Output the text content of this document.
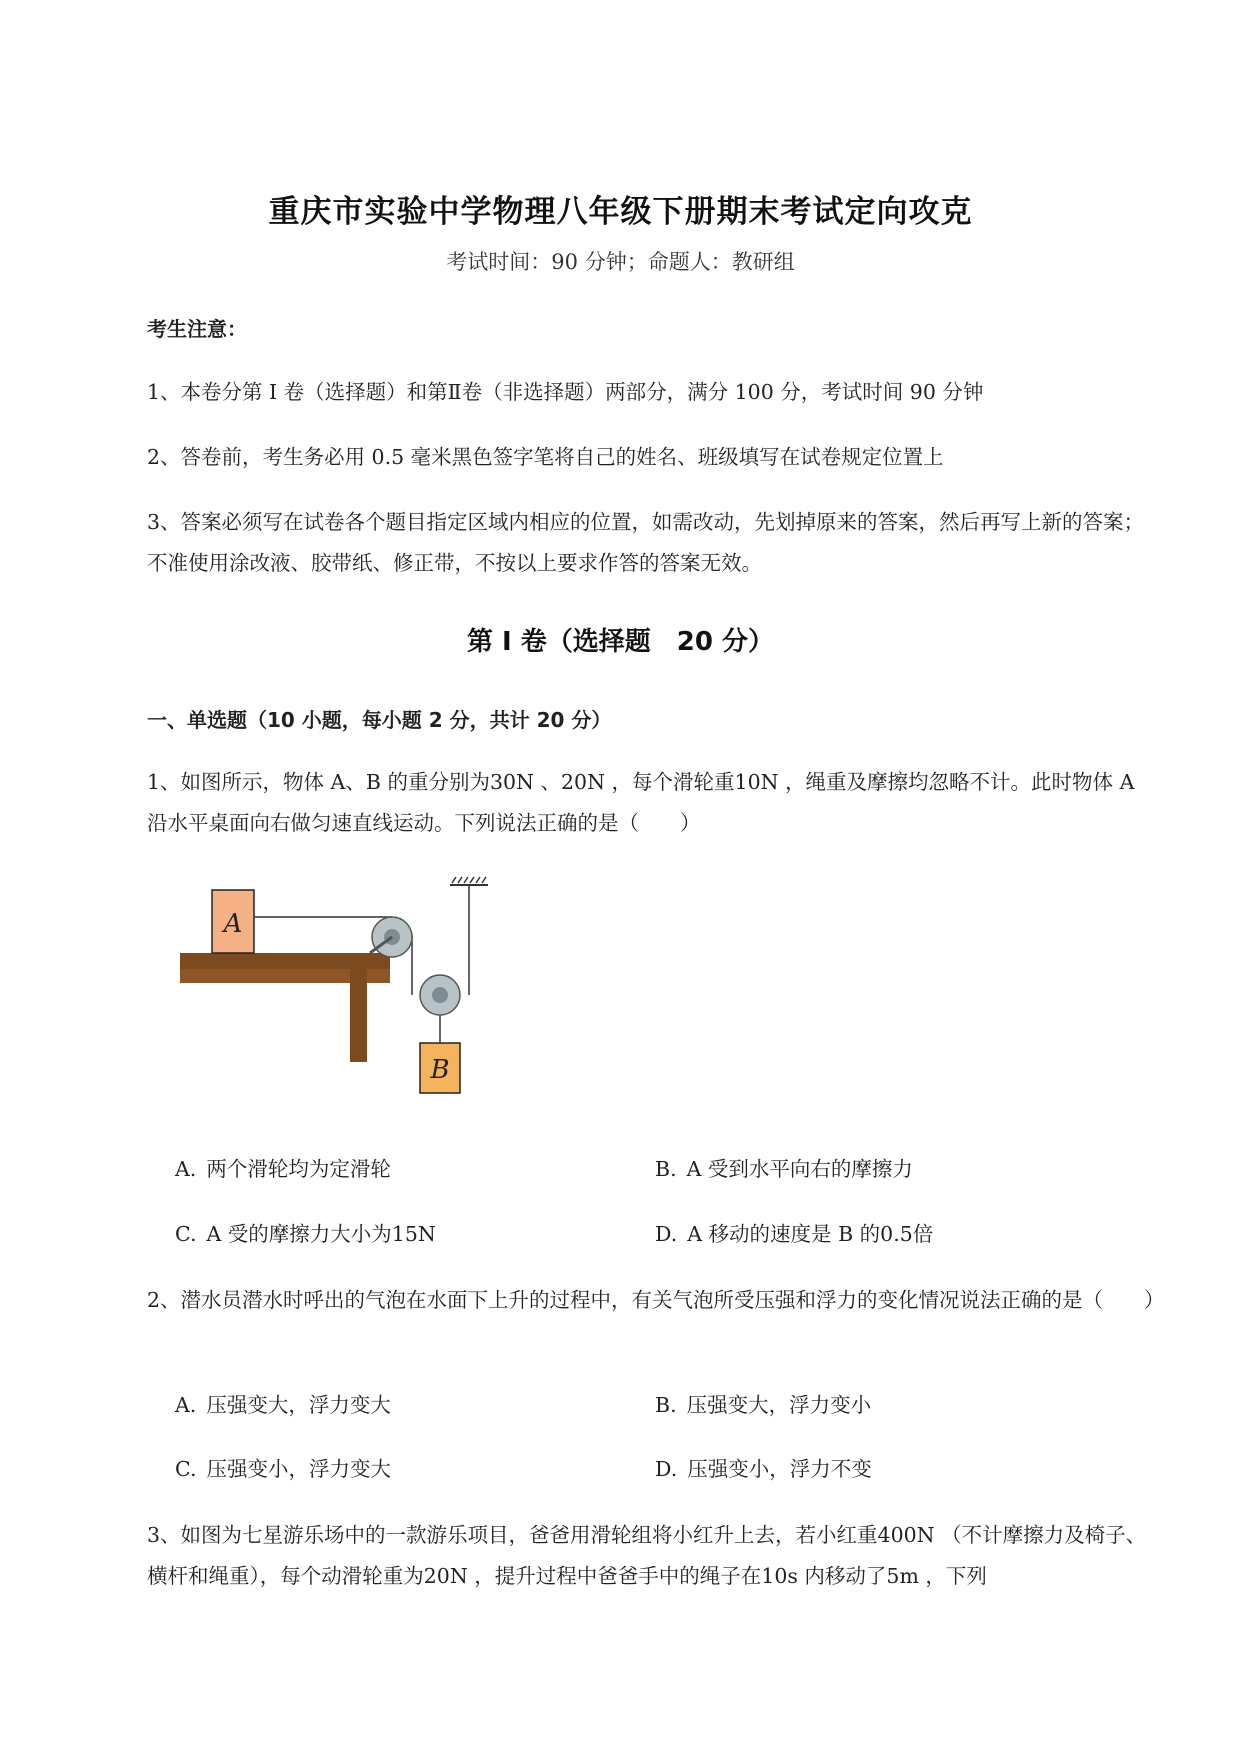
重庆市实验中学物理八年级下册期末考试定向攻克
考试时间：90 分钟；命题人：教研组
考生注意：
1、本卷分第 I 卷（选择题）和第Ⅱ卷（非选择题）两部分，满分 100 分，考试时间 90 分钟
2、答卷前，考生务必用 0.5 毫米黑色签字笔将自己的姓名、班级填写在试卷规定位置上
3、答案必须写在试卷各个题目指定区域内相应的位置，如需改动，先划掉原来的答案，然后再写上新的答案；不准使用涂改液、胶带纸、修正带，不按以上要求作答的答案无效。
第 I 卷（选择题　20 分）
一、单选题（10 小题，每小题 2 分，共计 20 分）
1、如图所示，物体 A、B 的重分别为30N 、20N ，每个滑轮重10N ，绳重及摩擦均忽略不计。此时物体 A 沿水平桌面向右做匀速直线运动。下列说法正确的是（　　）
A
B
A. 两个滑轮均为定滑轮	B. A 受到水平向右的摩擦力
C. A 受的摩擦力大小为15N	D. A 移动的速度是 B 的0.5倍
2、潜水员潜水时呼出的气泡在水面下上升的过程中，有关气泡所受压强和浮力的变化情况说法正确的是（　　）
A. 压强变大，浮力变大	B. 压强变大，浮力变小
C. 压强变小，浮力变大	D. 压强变小，浮力不变
3、如图为七星游乐场中的一款游乐项目，爸爸用滑轮组将小红升上去，若小红重400N （不计摩擦力及椅子、横杆和绳重），每个动滑轮重为20N ，提升过程中爸爸手中的绳子在10s 内移动了5m ，下列
